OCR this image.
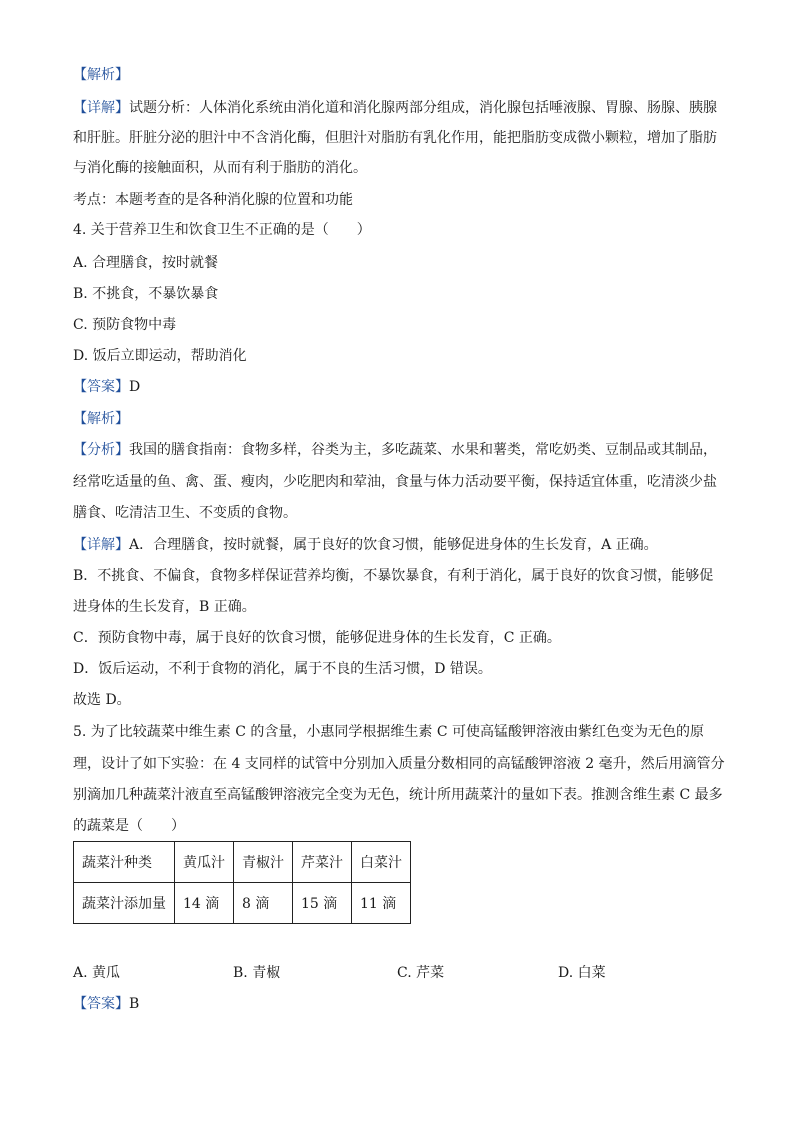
【解析】
【详解】试题分析：人体消化系统由消化道和消化腺两部分组成，消化腺包括唾液腺、胃腺、肠腺、胰腺
和肝脏。肝脏分泌的胆汁中不含消化酶，但胆汁对脂肪有乳化作用，能把脂肪变成微小颗粒，增加了脂肪
与消化酶的接触面积，从而有利于脂肪的消化。
考点：本题考查的是各种消化腺的位置和功能
4. 关于营养卫生和饮食卫生不正确的是（　　）
A. 合理膳食，按时就餐
B. 不挑食，不暴饮暴食
C. 预防食物中毒
D. 饭后立即运动，帮助消化
【答案】D
【解析】
【分析】我国的膳食指南：食物多样，谷类为主，多吃蔬菜、水果和薯类，常吃奶类、豆制品或其制品，
经常吃适量的鱼、禽、蛋、瘦肉，少吃肥肉和荤油，食量与体力活动要平衡，保持适宜体重，吃清淡少盐
膳食、吃清洁卫生、不变质的食物。
【详解】A．合理膳食，按时就餐，属于良好的饮食习惯，能够促进身体的生长发育，A 正确。
B．不挑食、不偏食，食物多样保证营养均衡，不暴饮暴食，有利于消化，属于良好的饮食习惯，能够促
进身体的生长发育，B 正确。
C．预防食物中毒，属于良好的饮食习惯，能够促进身体的生长发育，C 正确。
D．饭后运动，不利于食物的消化，属于不良的生活习惯，D 错误。
故选 D。
5. 为了比较蔬菜中维生素 C 的含量，小惠同学根据维生素 C 可使高锰酸钾溶液由紫红色变为无色的原
理，设计了如下实验：在 4 支同样的试管中分别加入质量分数相同的高锰酸钾溶液 2 毫升，然后用滴管分
别滴加几种蔬菜汁液直至高锰酸钾溶液完全变为无色，统计所用蔬菜汁的量如下表。推测含维生素 C 最多
的蔬菜是（　　）
蔬菜汁种类	黄瓜汁	青椒汁	芹菜汁	白菜汁
蔬菜汁添加量	14 滴	8 滴	15 滴	11 滴
A. 黄瓜	B. 青椒	C. 芹菜	D. 白菜
【答案】B
